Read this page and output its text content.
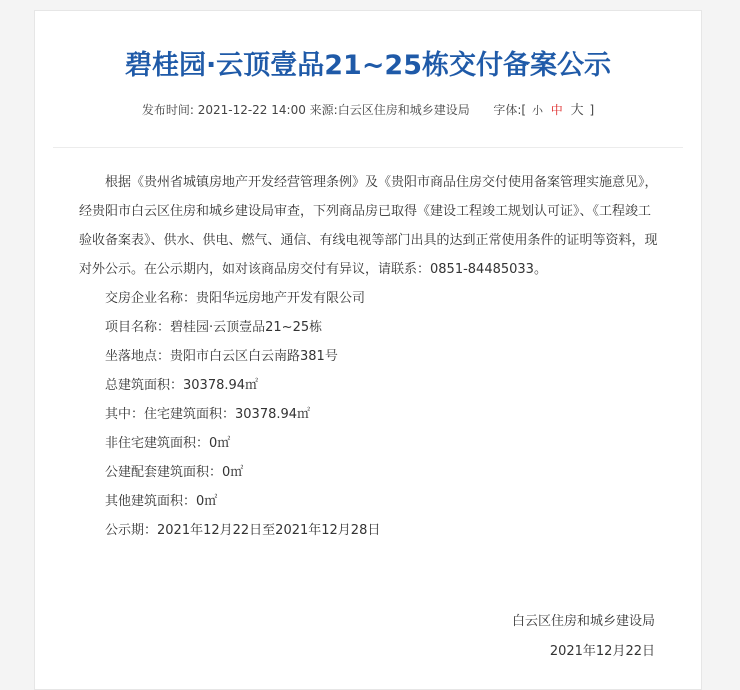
碧桂园·云顶壹品21~25栋交付备案公示
发布时间: 2021-12-22 14:00 来源:白云区住房和城乡建设局 字体:[ 小 中 大 ]

根据《贵州省城镇房地产开发经营管理条例》及《贵阳市商品住房交付使用备案管理实施意见》，经贵阳市白云区住房和城乡建设局审查，下列商品房已取得《建设工程竣工规划认可证》、《工程竣工验收备案表》、供水、供电、燃气、通信、有线电视等部门出具的达到正常使用条件的证明等资料，现对外公示。在公示期内，如对该商品房交付有异议，请联系：0851-84485033。

交房企业名称：贵阳华远房地产开发有限公司

项目名称：碧桂园·云顶壹品21~25栋

坐落地点：贵阳市白云区白云南路381号

总建筑面积：30378.94㎡

其中：住宅建筑面积：30378.94㎡

非住宅建筑面积：0㎡

公建配套建筑面积：0㎡

其他建筑面积：0㎡

公示期：2021年12月22日至2021年12月28日

白云区住房和城乡建设局
2021年12月22日
